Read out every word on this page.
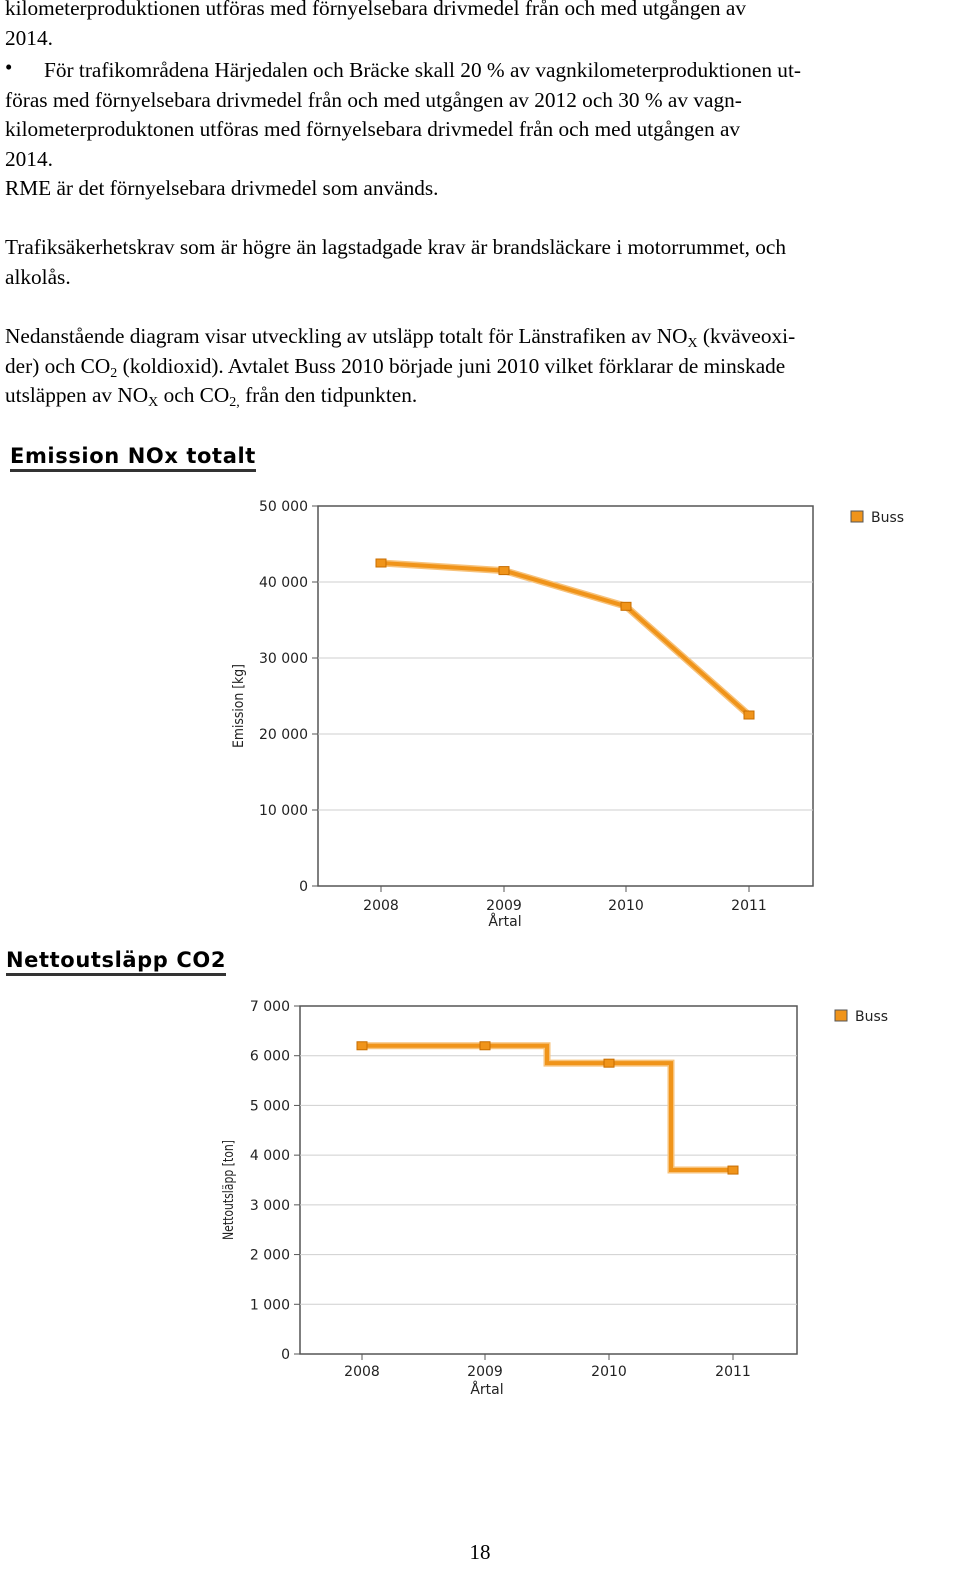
kilometerproduktionen utföras med förnyelsebara drivmedel från och med utgången av
2014.
• För trafikområdena Härjedalen och Bräcke skall 20 % av vagnkilometerproduktionen ut-
föras med förnyelsebara drivmedel från och med utgången av 2012 och 30 % av vagn-
kilometerproduktonen utföras med förnyelsebara drivmedel från och med utgången av
2014.
RME är det förnyelsebara drivmedel som används.
Trafiksäkerhetskrav som är högre än lagstadgade krav är brandsläckare i motorrummet, och
alkolås.
Nedanstående diagram visar utveckling av utsläpp totalt för Länstrafiken av $NO_X$ (kväveoxi-
der) och $CO_2$ (koldioxid). Avtalet Buss 2010 började juni 2010 vilket förklarar de minskade
utsläppen av $NO_X$ och $CO_{2,}$ från den tidpunkten.
Emission NOx totalt
0
10 000
20 000
30 000
40 000
50 000
2008	2009	2010	2011
Årtal
Emission [kg]
Buss
Nettoutsläpp CO2
0
1 000
2 000
3 000
4 000
5 000
6 000
7 000
2008	2009	2010	2011
Årtal
Nettoutsläpp [ton]
Buss
18
